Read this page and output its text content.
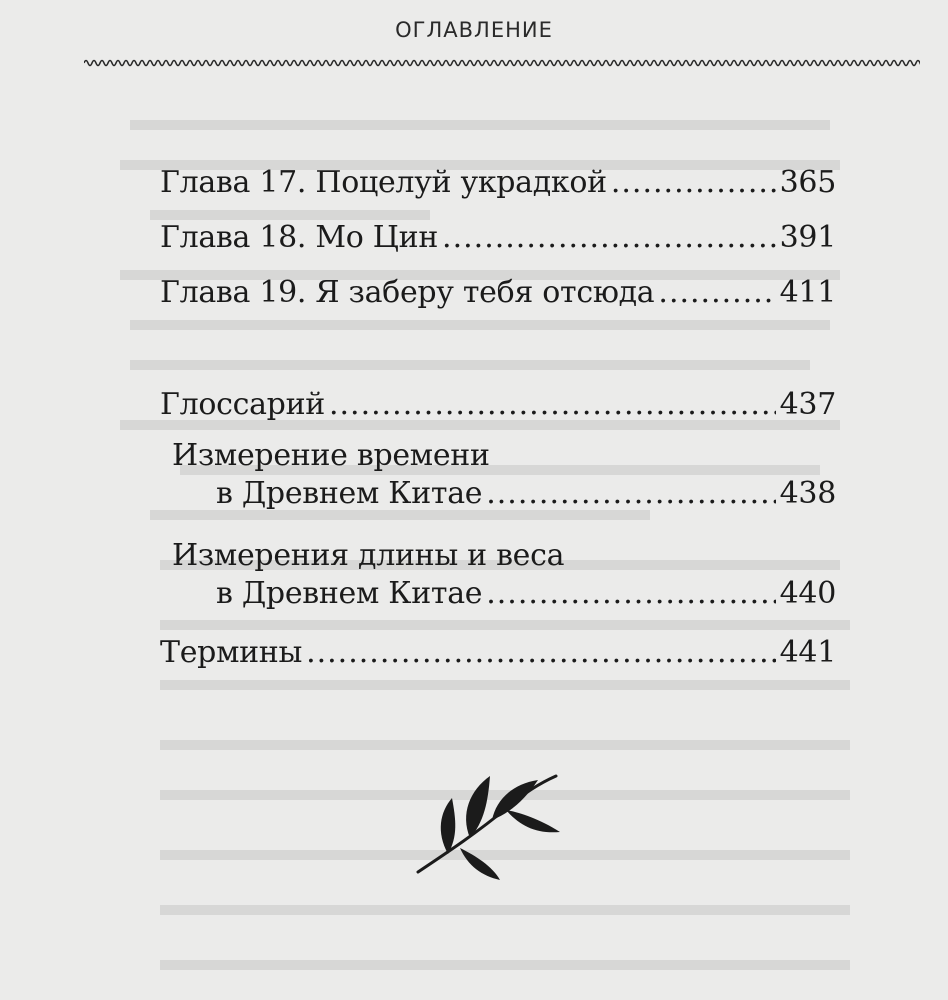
ОГЛАВЛЕНИЕ
Глава 17. Поцелуй украдкой .....	365
Глава 18. Мо Цин .....	391
Глава 19. Я заберу тебя отсюда .....	411
Глоссарий .....	437
Измерение времени
в Древнем Китае .....	438
Измерения длины и веса
в Древнем Китае .....	440
Термины .....	441
